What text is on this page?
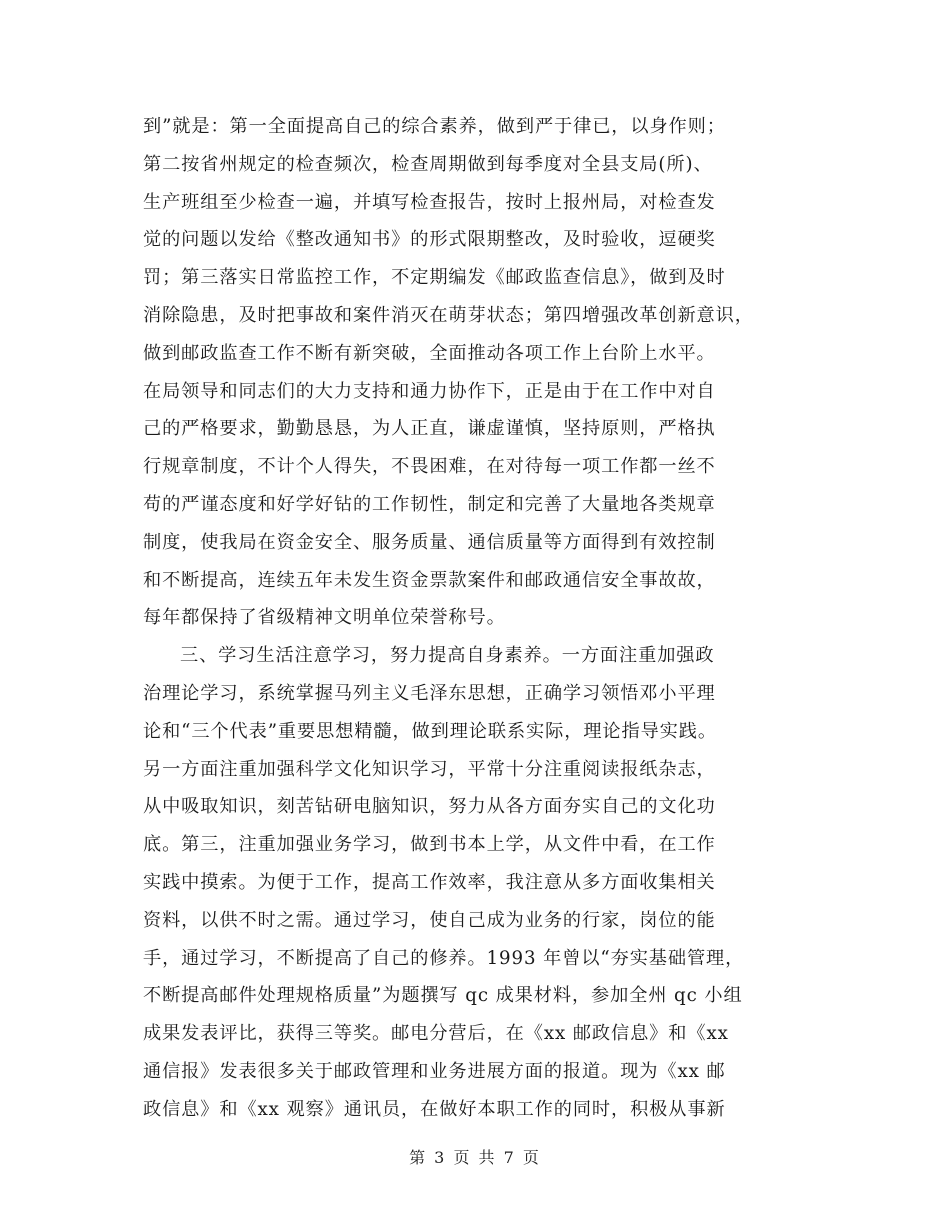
到”就是：第一全面提高自己的综合素养，做到严于律已，以身作则；
第二按省州规定的检查频次，检查周期做到每季度对全县支局(所)、
生产班组至少检查一遍，并填写检查报告，按时上报州局，对检查发
觉的问题以发给《整改通知书》的形式限期整改，及时验收，逗硬奖
罚；第三落实日常监控工作，不定期编发《邮政监查信息》，做到及时
消除隐患，及时把事故和案件消灭在萌芽状态；第四增强改革创新意识，
做到邮政监查工作不断有新突破，全面推动各项工作上台阶上水平。
在局领导和同志们的大力支持和通力协作下，正是由于在工作中对自
己的严格要求，勤勤恳恳，为人正直，谦虚谨慎，坚持原则，严格执
行规章制度，不计个人得失，不畏困难，在对待每一项工作都一丝不
苟的严谨态度和好学好钻的工作韧性，制定和完善了大量地各类规章
制度，使我局在资金安全、服务质量、通信质量等方面得到有效控制
和不断提高，连续五年未发生资金票款案件和邮政通信安全事故故，
每年都保持了省级精神文明单位荣誉称号。
三、学习生活注意学习，努力提高自身素养。一方面注重加强政
治理论学习，系统掌握马列主义毛泽东思想，正确学习领悟邓小平理
论和“三个代表”重要思想精髓，做到理论联系实际，理论指导实践。
另一方面注重加强科学文化知识学习，平常十分注重阅读报纸杂志，
从中吸取知识，刻苦钻研电脑知识，努力从各方面夯实自己的文化功
底。第三，注重加强业务学习，做到书本上学，从文件中看，在工作
实践中摸索。为便于工作，提高工作效率，我注意从多方面收集相关
资料，以供不时之需。通过学习，使自己成为业务的行家，岗位的能
手，通过学习，不断提高了自己的修养。1993 年曾以“夯实基础管理，
不断提高邮件处理规格质量”为题撰写 qc 成果材料，参加全州 qc 小组
成果发表评比，获得三等奖。邮电分营后，在《xx 邮政信息》和《xx
通信报》发表很多关于邮政管理和业务进展方面的报道。现为《xx 邮
政信息》和《xx 观察》通讯员，在做好本职工作的同时，积极从事新
第 3 页 共 7 页
